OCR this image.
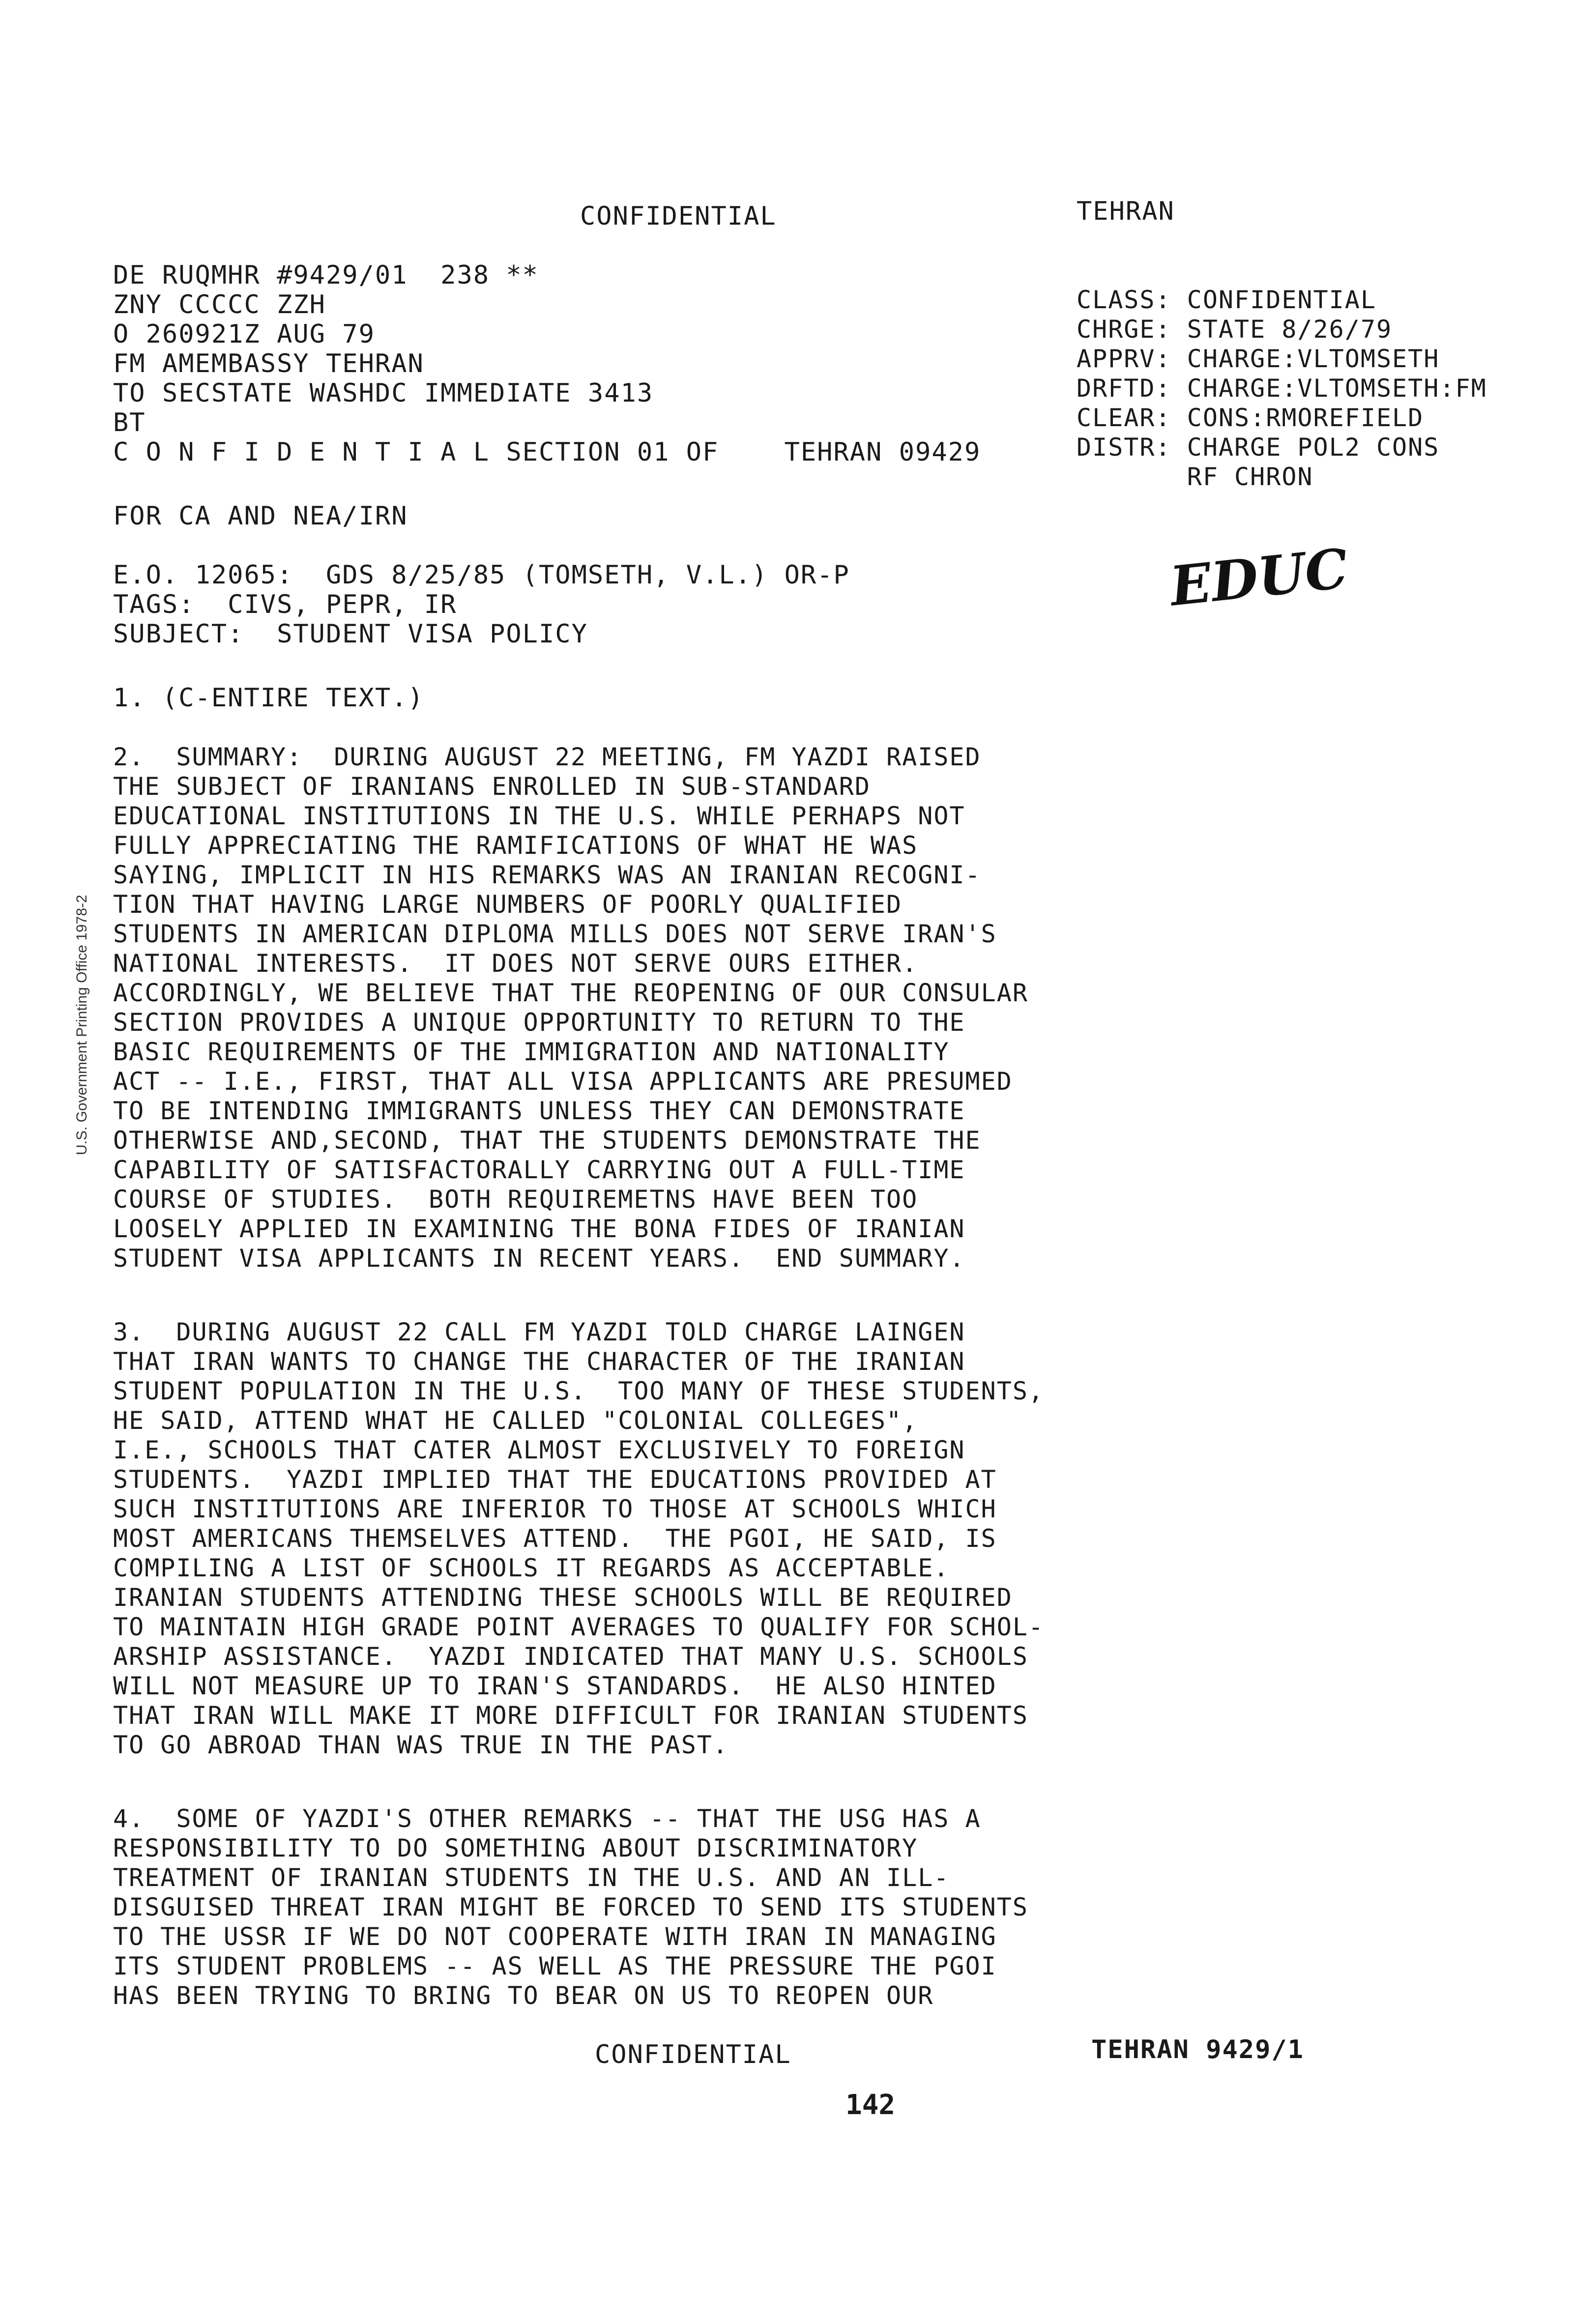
CONFIDENTIAL	TEHRAN
DE RUQMHR #9429/01  238 **
ZNY CCCCC ZZH
O 260921Z AUG 79
FM AMEMBASSY TEHRAN
TO SECSTATE WASHDC IMMEDIATE 3413
BT
C O N F I D E N T I A L SECTION 01 OF    TEHRAN 09429
CLASS: CONFIDENTIAL
CHRGE: STATE 8/26/79
APPRV: CHARGE:VLTOMSETH
DRFTD: CHARGE:VLTOMSETH:FM
CLEAR: CONS:RMOREFIELD
DISTR: CHARGE POL2 CONS
RF CHRON
FOR CA AND NEA/IRN
E.O. 12065:  GDS 8/25/85 (TOMSETH, V.L.) OR-P
TAGS:  CIVS, PEPR, IR
SUBJECT:  STUDENT VISA POLICY
EDUC
1. (C-ENTIRE TEXT.)
2.  SUMMARY:  DURING AUGUST 22 MEETING, FM YAZDI RAISED
THE SUBJECT OF IRANIANS ENROLLED IN SUB-STANDARD
EDUCATIONAL INSTITUTIONS IN THE U.S. WHILE PERHAPS NOT
FULLY APPRECIATING THE RAMIFICATIONS OF WHAT HE WAS
SAYING, IMPLICIT IN HIS REMARKS WAS AN IRANIAN RECOGNI-
TION THAT HAVING LARGE NUMBERS OF POORLY QUALIFIED
STUDENTS IN AMERICAN DIPLOMA MILLS DOES NOT SERVE IRAN'S
NATIONAL INTERESTS.  IT DOES NOT SERVE OURS EITHER.
ACCORDINGLY, WE BELIEVE THAT THE REOPENING OF OUR CONSULAR
SECTION PROVIDES A UNIQUE OPPORTUNITY TO RETURN TO THE
BASIC REQUIREMENTS OF THE IMMIGRATION AND NATIONALITY
ACT -- I.E., FIRST, THAT ALL VISA APPLICANTS ARE PRESUMED
TO BE INTENDING IMMIGRANTS UNLESS THEY CAN DEMONSTRATE
OTHERWISE AND,SECOND, THAT THE STUDENTS DEMONSTRATE THE
CAPABILITY OF SATISFACTORALLY CARRYING OUT A FULL-TIME
COURSE OF STUDIES.  BOTH REQUIREMETNS HAVE BEEN TOO
LOOSELY APPLIED IN EXAMINING THE BONA FIDES OF IRANIAN
STUDENT VISA APPLICANTS IN RECENT YEARS.  END SUMMARY.
3.  DURING AUGUST 22 CALL FM YAZDI TOLD CHARGE LAINGEN
THAT IRAN WANTS TO CHANGE THE CHARACTER OF THE IRANIAN
STUDENT POPULATION IN THE U.S.  TOO MANY OF THESE STUDENTS,
HE SAID, ATTEND WHAT HE CALLED "COLONIAL COLLEGES",
I.E., SCHOOLS THAT CATER ALMOST EXCLUSIVELY TO FOREIGN
STUDENTS.  YAZDI IMPLIED THAT THE EDUCATIONS PROVIDED AT
SUCH INSTITUTIONS ARE INFERIOR TO THOSE AT SCHOOLS WHICH
MOST AMERICANS THEMSELVES ATTEND.  THE PGOI, HE SAID, IS
COMPILING A LIST OF SCHOOLS IT REGARDS AS ACCEPTABLE.
IRANIAN STUDENTS ATTENDING THESE SCHOOLS WILL BE REQUIRED
TO MAINTAIN HIGH GRADE POINT AVERAGES TO QUALIFY FOR SCHOL-
ARSHIP ASSISTANCE.  YAZDI INDICATED THAT MANY U.S. SCHOOLS
WILL NOT MEASURE UP TO IRAN'S STANDARDS.  HE ALSO HINTED
THAT IRAN WILL MAKE IT MORE DIFFICULT FOR IRANIAN STUDENTS
TO GO ABROAD THAN WAS TRUE IN THE PAST.
4.  SOME OF YAZDI'S OTHER REMARKS -- THAT THE USG HAS A
RESPONSIBILITY TO DO SOMETHING ABOUT DISCRIMINATORY
TREATMENT OF IRANIAN STUDENTS IN THE U.S. AND AN ILL-
DISGUISED THREAT IRAN MIGHT BE FORCED TO SEND ITS STUDENTS
TO THE USSR IF WE DO NOT COOPERATE WITH IRAN IN MANAGING
ITS STUDENT PROBLEMS -- AS WELL AS THE PRESSURE THE PGOI
HAS BEEN TRYING TO BRING TO BEAR ON US TO REOPEN OUR
U.S. Government Printing Office 1978-2
CONFIDENTIAL	TEHRAN 9429/1
142
